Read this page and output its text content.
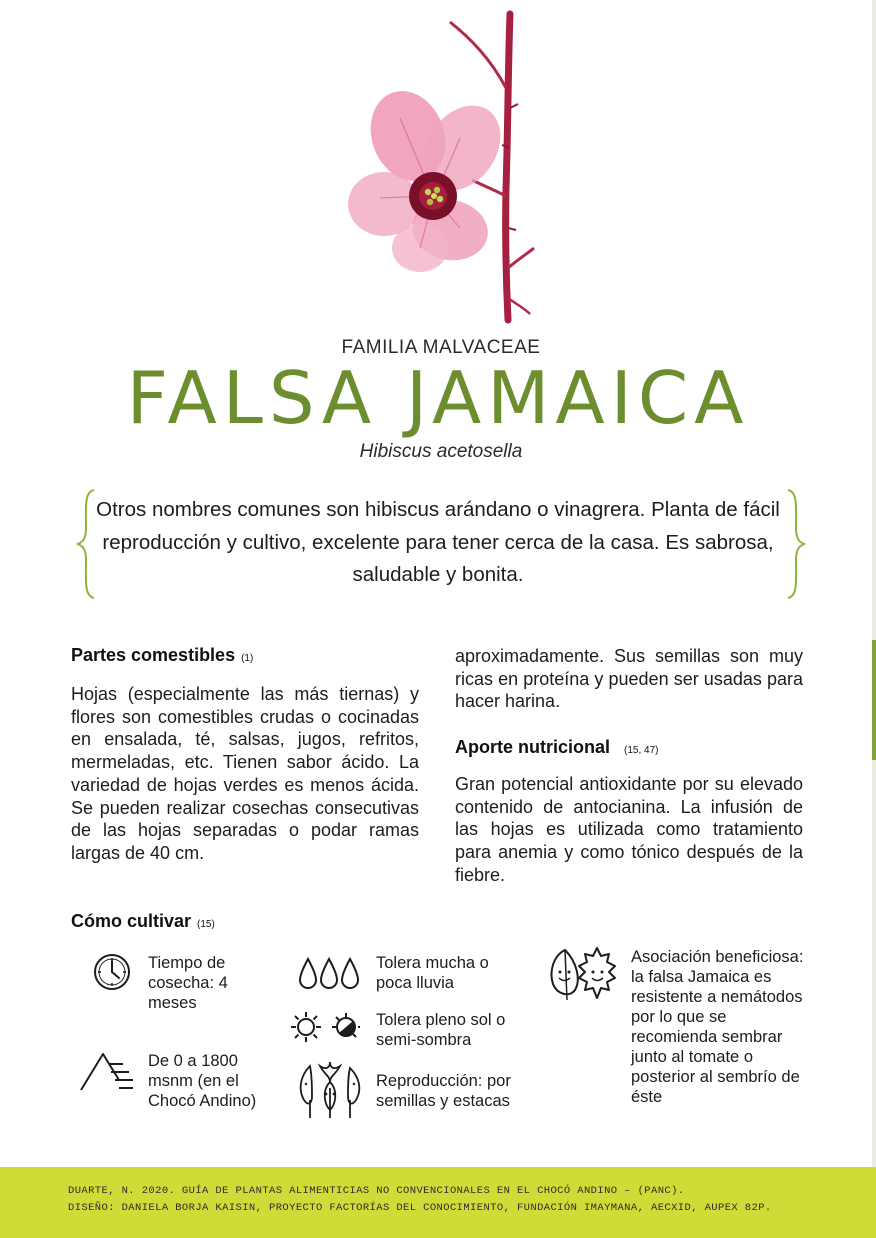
FAMILIA MALVACEAE
FALSA JAMAICA
Hibiscus acetosella
Otros nombres comunes son hibiscus arándano o vinagrera. Planta de fácil reproducción y cultivo, excelente para tener cerca de la casa. Es sabrosa, saludable y bonita.
Partes comestibles (1)
Hojas (especialmente las más tiernas) y flores son comestibles crudas o cocinadas en ensalada, té, salsas, jugos, refritos, mermeladas, etc. Tienen sabor ácido. La variedad de hojas verdes es menos ácida. Se pueden realizar cosechas consecutivas de las hojas separadas o podar ramas largas de 40 cm.
aproximadamente. Sus semillas son muy ricas en proteína y pueden ser usadas para hacer harina.
Aporte nutricional (15, 47)
Gran potencial antioxidante por su elevado contenido de antocianina. La infusión de las hojas es utilizada como tratamiento para anemia y como tónico después de la fiebre.
Cómo cultivar (15)
Tiempo de cosecha: 4 meses
De 0 a 1800 msnm (en el Chocó Andino)
Tolera mucha o poca lluvia
Tolera pleno sol o semi-sombra
Reproducción: por semillas y estacas
Asociación beneficiosa: la falsa Jamaica es resistente a nemátodos por lo que se recomienda sembrar junto al tomate o posterior al sembrío de éste
DUARTE, N. 2020. GUÍA DE PLANTAS ALIMENTICIAS NO CONVENCIONALES EN EL CHOCÓ ANDINO – (PANC).
DISEÑO: DANIELA BORJA KAISIN, PROYECTO FACTORÍAS DEL CONOCIMIENTO, FUNDACIÓN IMAYMANA, AECXID, AUPEX 82P.
